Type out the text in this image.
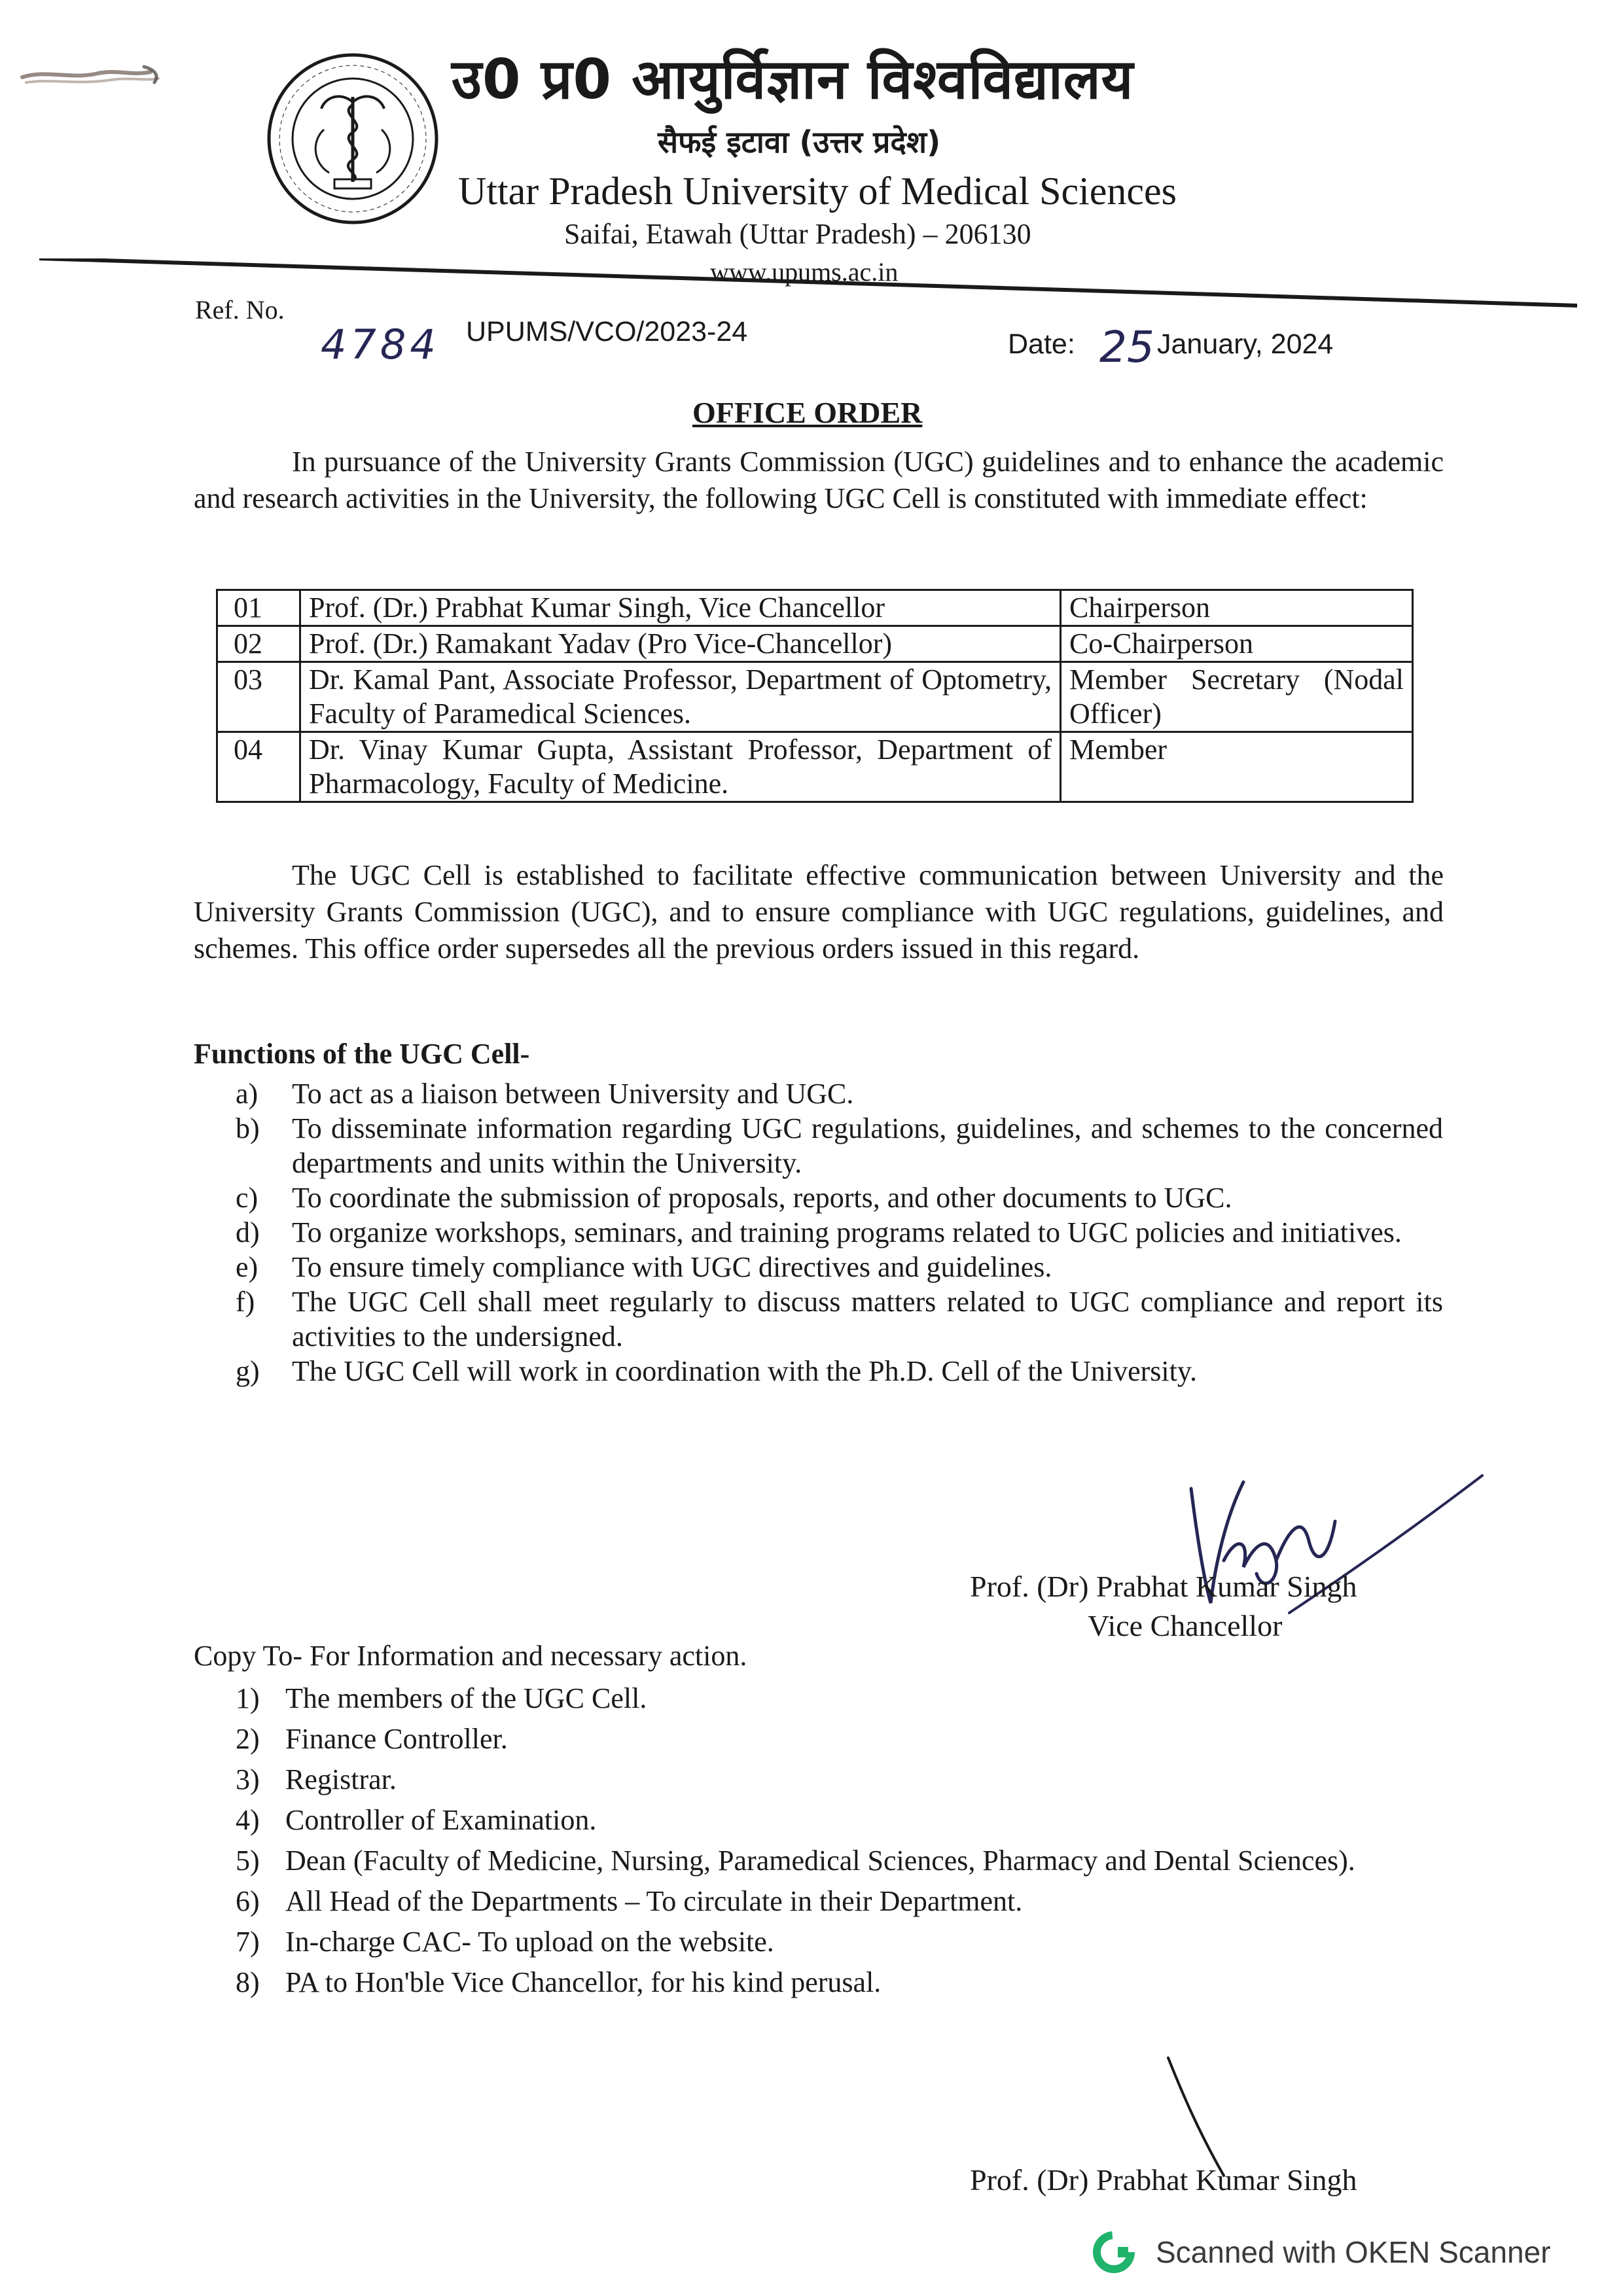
उ0 प्र0 आयुर्विज्ञान विश्वविद्यालय
सैफई इटावा (उत्तर प्रदेश)
Uttar Pradesh University of Medical Sciences
Saifai, Etawah (Uttar Pradesh) – 206130
www.upums.ac.in
Ref. No.
4784 UPUMS/VCO/2023-24	Date: 25 January, 2024
OFFICE ORDER

In pursuance of the University Grants Commission (UGC) guidelines and to enhance the academic and research activities in the University, the following UGC Cell is constituted with immediate effect:

01	Prof. (Dr.) Prabhat Kumar Singh, Vice Chancellor	Chairperson
02	Prof. (Dr.) Ramakant Yadav (Pro Vice-Chancellor)	Co-Chairperson
03	Dr. Kamal Pant, Associate Professor, Department of Optometry, Faculty of Paramedical Sciences.	Member Secretary (Nodal Officer)
04	Dr. Vinay Kumar Gupta, Assistant Professor, Department of Pharmacology, Faculty of Medicine.	Member

The UGC Cell is established to facilitate effective communication between University and the University Grants Commission (UGC), and to ensure compliance with UGC regulations, guidelines, and schemes. This office order supersedes all the previous orders issued in this regard.

Functions of the UGC Cell-
a)	To act as a liaison between University and UGC.
b)	To disseminate information regarding UGC regulations, guidelines, and schemes to the concerned departments and units within the University.
c)	To coordinate the submission of proposals, reports, and other documents to UGC.
d)	To organize workshops, seminars, and training programs related to UGC policies and initiatives.
e)	To ensure timely compliance with UGC directives and guidelines.
f)	The UGC Cell shall meet regularly to discuss matters related to UGC compliance and report its activities to the undersigned.
g)	The UGC Cell will work in coordination with the Ph.D. Cell of the University.
Prof. (Dr) Prabhat Kumar Singh
Vice Chancellor
Copy To- For Information and necessary action.
1) The members of the UGC Cell.
2) Finance Controller.
3) Registrar.
4) Controller of Examination.
5) Dean (Faculty of Medicine, Nursing, Paramedical Sciences, Pharmacy and Dental Sciences).
6) All Head of the Departments – To circulate in their Department.
7) In-charge CAC- To upload on the website.
8) PA to Hon'ble Vice Chancellor, for his kind perusal.
Prof. (Dr) Prabhat Kumar Singh
Scanned with OKEN Scanner
